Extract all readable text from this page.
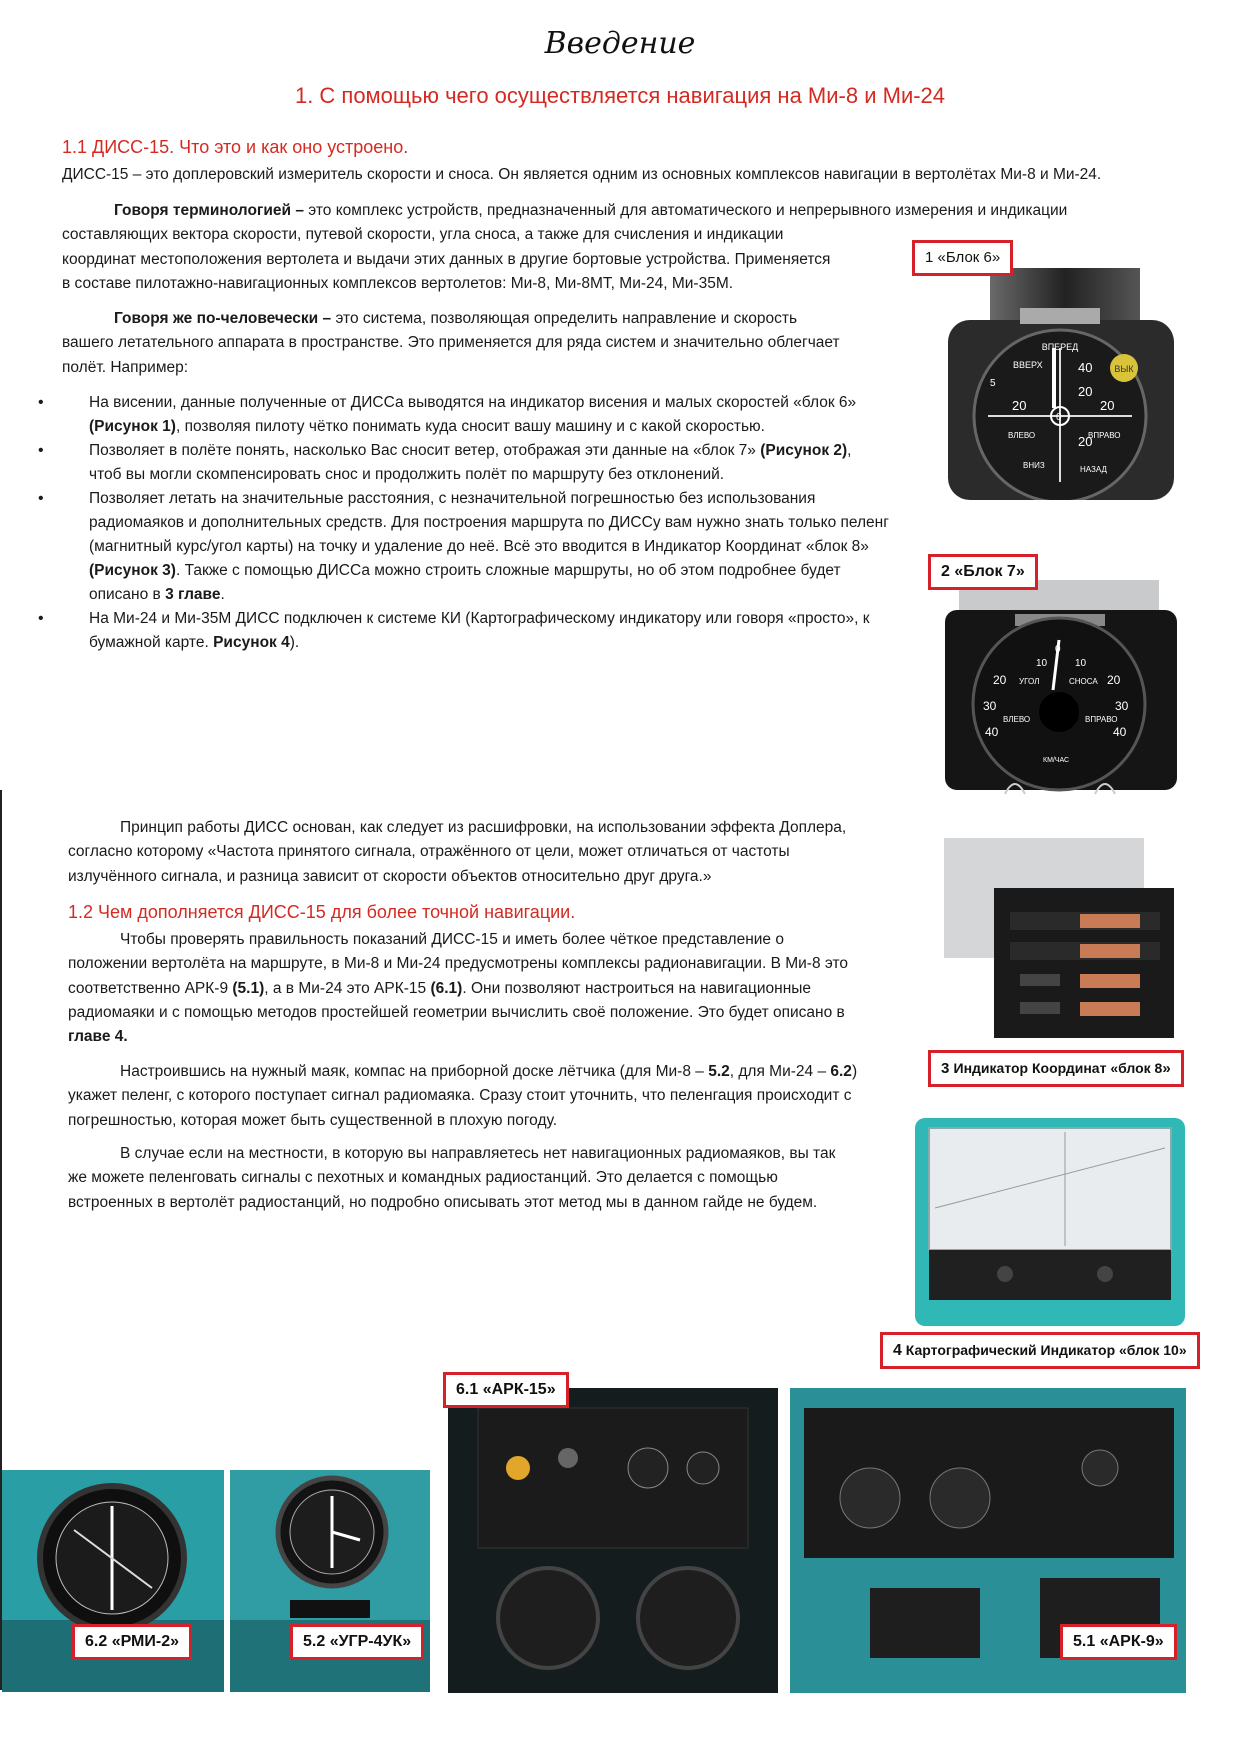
Введение
1. С помощью чего осуществляется навигация на Ми-8 и Ми-24
1.1 ДИСС-15. Что это и как оно устроено.
ДИСС-15 – это доплеровский измеритель скорости и сноса. Он является одним из основных комплексов навигации в вертолётах Ми-8 и Ми-24.
Говоря терминологией – это комплекс устройств, предназначенный для автоматического и непрерывного измерения и индикации
составляющих вектора скорости, путевой скорости, угла сноса, а также для счисления и индикации
координат местоположения вертолета и выдачи этих данных в другие бортовые устройства. Применяется
в составе пилотажно-навигационных комплексов вертолетов: Ми-8, Ми-8МТ, Ми-24, Ми-35М.
Говоря же по-человечески – это система, позволяющая определить направление и скорость
вашего летательного аппарата в пространстве. Это применяется для ряда систем и значительно облегчает
полёт. Например:
• На висении, данные полученные от ДИССа выводятся на индикатор висения и малых скоростей «блок 6»
(Рисунок 1), позволяя пилоту чётко понимать куда сносит вашу машину и с какой скоростью.
• Позволяет в полёте понять, насколько Вас сносит ветер, отображая эти данные на «блок 7» (Рисунок 2),
чтоб вы могли скомпенсировать снос и продолжить полёт по маршруту без отклонений.
• Позволяет летать на значительные расстояния, с незначительной погрешностью без использования
радиомаяков и дополнительных средств. Для построения маршрута по ДИССу вам нужно знать только пеленг
(магнитный курс/угол карты) на точку и удаление до неё. Всё это вводится в Индикатор Координат «блок 8»
(Рисунок 3). Также с помощью ДИССа можно строить сложные маршруты, но об этом подробнее будет
описано в 3 главе.
• На Ми-24 и Ми-35М ДИСС подключен к системе КИ (Картографическому индикатору или говоря «просто», к
бумажной карте. Рисунок 4).
Принцип работы ДИСС основан, как следует из расшифровки, на использовании эффекта Доплера,
согласно которому «Частота принятого сигнала, отражённого от цели, может отличаться от частоты
излучённого сигнала, и разница зависит от скорости объектов относительно друг друга.»
1.2 Чем дополняется ДИСС-15 для более точной навигации.
Чтобы проверять правильность показаний ДИСС-15 и иметь более чёткое представление о
положении вертолёта на маршруте, в Ми-8 и Ми-24 предусмотрены комплексы радионавигации. В Ми-8 это
соответственно АРК-9 (5.1), а в Ми-24 это АРК-15 (6.1). Они позволяют настроиться на навигационные
радиомаяки и с помощью методов простейшей геометрии вычислить своё положение. Это будет описано в
главе 4.
Настроившись на нужный маяк, компас на приборной доске лётчика (для Ми-8 – 5.2, для Ми-24 – 6.2)
укажет пеленг, с которого поступает сигнал радиомаяка. Сразу стоит уточнить, что пеленгация происходит с
погрешностью, которая может быть существенной в плохую погоду.
В случае если на местности, в которую вы направляетесь нет навигационных радиомаяков, вы так
же можете пеленговать сигналы с пехотных и командных радиостанций. Это делается с помощью
встроенных в вертолёт радиостанций, но подробно описывать этот метод мы в данном гайде не будем.
ВПЕРЕД
ВВЕРХ	40
20
20	20
0
20
ВЛЕВО	ВПРАВО
ВНИЗ	НАЗАД
ВЫК
5
1 «Блок 6»
10
0
10
20 УГОЛ	СНОСА 20
30	30
40	40
ВЛЕВО	ВПРАВО
КМ/ЧАС
2 «Блок 7»
3 Индикатор Координат «блок 8»
4 Картографический Индикатор «блок 10»
6.1 «АРК-15»
6.2 «РМИ-2»	5.2 «УГР-4УК»	5.1 «АРК-9»
